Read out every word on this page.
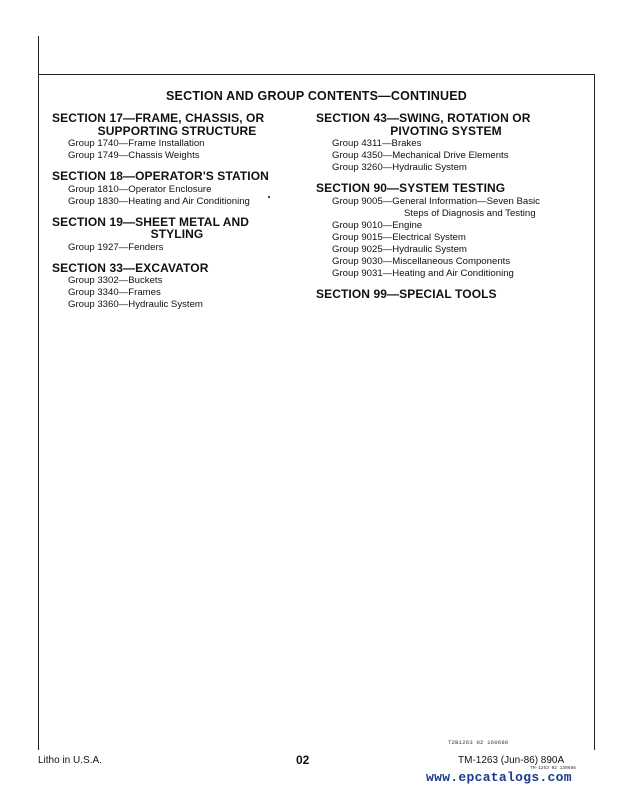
SECTION AND GROUP CONTENTS—CONTINUED
SECTION 17—FRAME, CHASSIS, OR
SUPPORTING STRUCTURE
Group 1740—Frame Installation
Group 1749—Chassis Weights
SECTION 18—OPERATOR'S STATION
Group 1810—Operator Enclosure
Group 1830—Heating and Air Conditioning
SECTION 19—SHEET METAL AND
STYLING
Group 1927—Fenders
SECTION 33—EXCAVATOR
Group 3302—Buckets
Group 3340—Frames
Group 3360—Hydraulic System
SECTION 43—SWING, ROTATION OR
PIVOTING SYSTEM
Group 4311—Brakes
Group 4350—Mechanical Drive Elements
Group 3260—Hydraulic System
SECTION 90—SYSTEM TESTING
Group 9005—General Information—Seven Basic
Steps of Diagnosis and Testing
Group 9010—Engine
Group 9015—Electrical System
Group 9025—Hydraulic System
Group 9030—Miscellaneous Components
Group 9031—Heating and Air Conditioning
SECTION 99—SPECIAL TOOLS
T2B1263 02 160686
Litho in U.S.A.	02	TM-1263 (Jun-86) 890A
TM-1263 02 130686
www.epcatalogs.com
